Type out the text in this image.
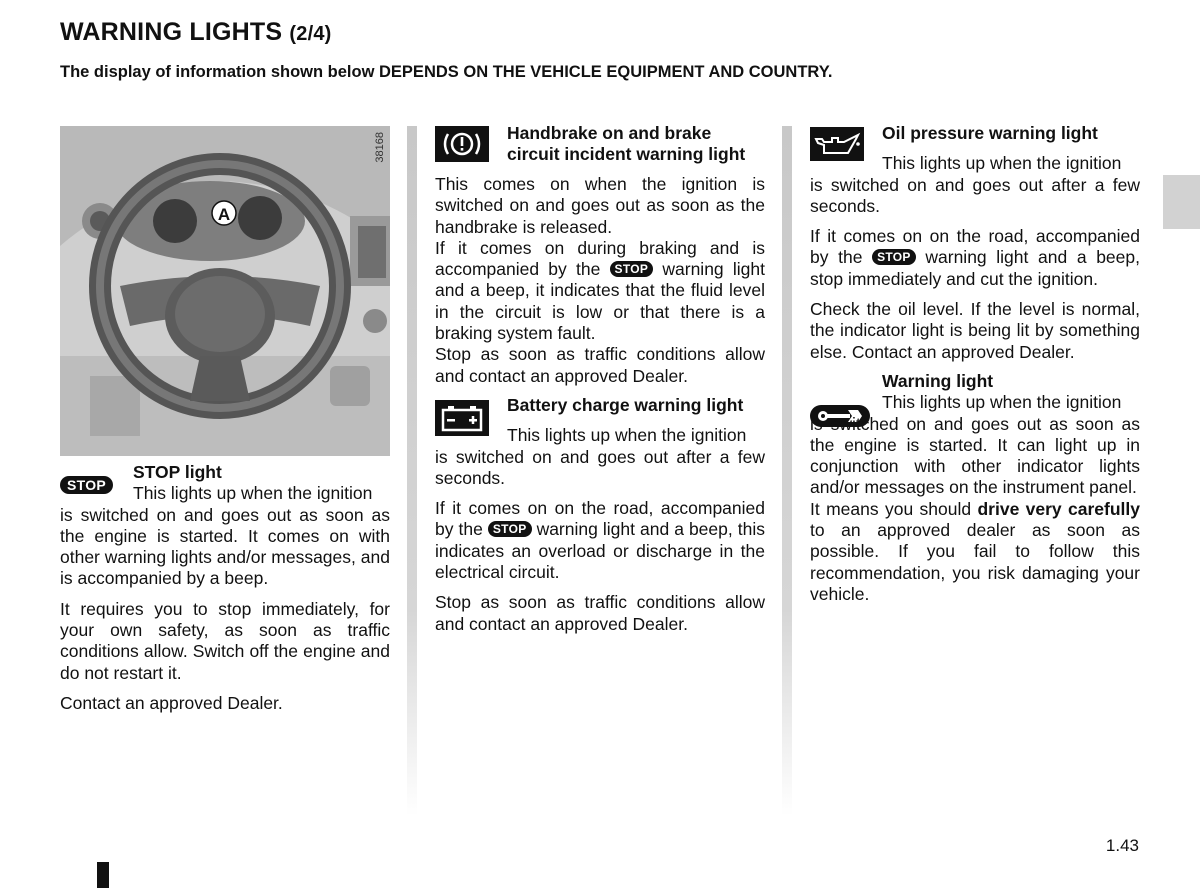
WARNING LIGHTS (2/4)
The display of information shown below DEPENDS ON THE VEHICLE EQUIPMENT AND COUNTRY.
A
38168
STOP
STOP light
This lights up when the ignition

is switched on and goes out as soon as the engine is started. It comes on with other warning lights and/or messages, and is accompanied by a beep.

It requires you to stop immediately, for your own safety, as soon as traffic conditions allow. Switch off the engine and do not restart it.

Contact an approved Dealer.

Handbrake on and brake circuit incident warning light

This comes on when the ignition is switched on and goes out as soon as the handbrake is released.

If it comes on during braking and is accompanied by the STOP warning light and a beep, it indicates that the fluid level in the circuit is low or that there is a braking system fault.

Stop as soon as traffic conditions allow and contact an approved Dealer.

Battery charge warning light
This lights up when the ignition

is switched on and goes out after a few seconds.

If it comes on on the road, accompanied by the STOP warning light and a beep, this indicates an overload or discharge in the electrical circuit.

Stop as soon as traffic conditions allow and contact an approved Dealer.

Oil pressure warning light
This lights up when the ignition

is switched on and goes out after a few seconds.

If it comes on on the road, accompanied by the STOP warning light and a beep, stop immediately and cut the ignition.

Check the oil level. If the level is normal, the indicator light is being lit by something else. Contact an approved Dealer.

Warning light
This lights up when the ignition

is switched on and goes out as soon as the engine is started. It can light up in conjunction with other indicator lights and/or messages on the instrument panel.

It means you should drive very carefully to an approved dealer as soon as possible. If you fail to follow this recommendation, you risk damaging your vehicle.

1.43
